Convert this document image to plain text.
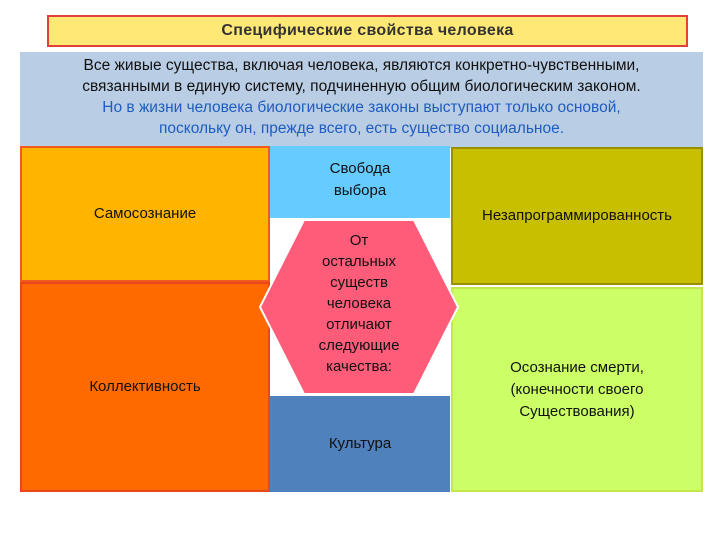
Специфические свойства человека
Все живые существа, включая человека, являются конкретно-чувственными,
связанными в единую систему, подчиненную общим биологическим законом.
Но в жизни человека биологические законы выступают только основой,
поскольку он, прежде всего, есть существо социальное.
Самосознание
Коллективность
Свобода
выбора
Культура
Незапрограммированность
Осознание смерти,
(конечности своего
Существования)
От
остальных
существ
человека
отличают
следующие
качества:
